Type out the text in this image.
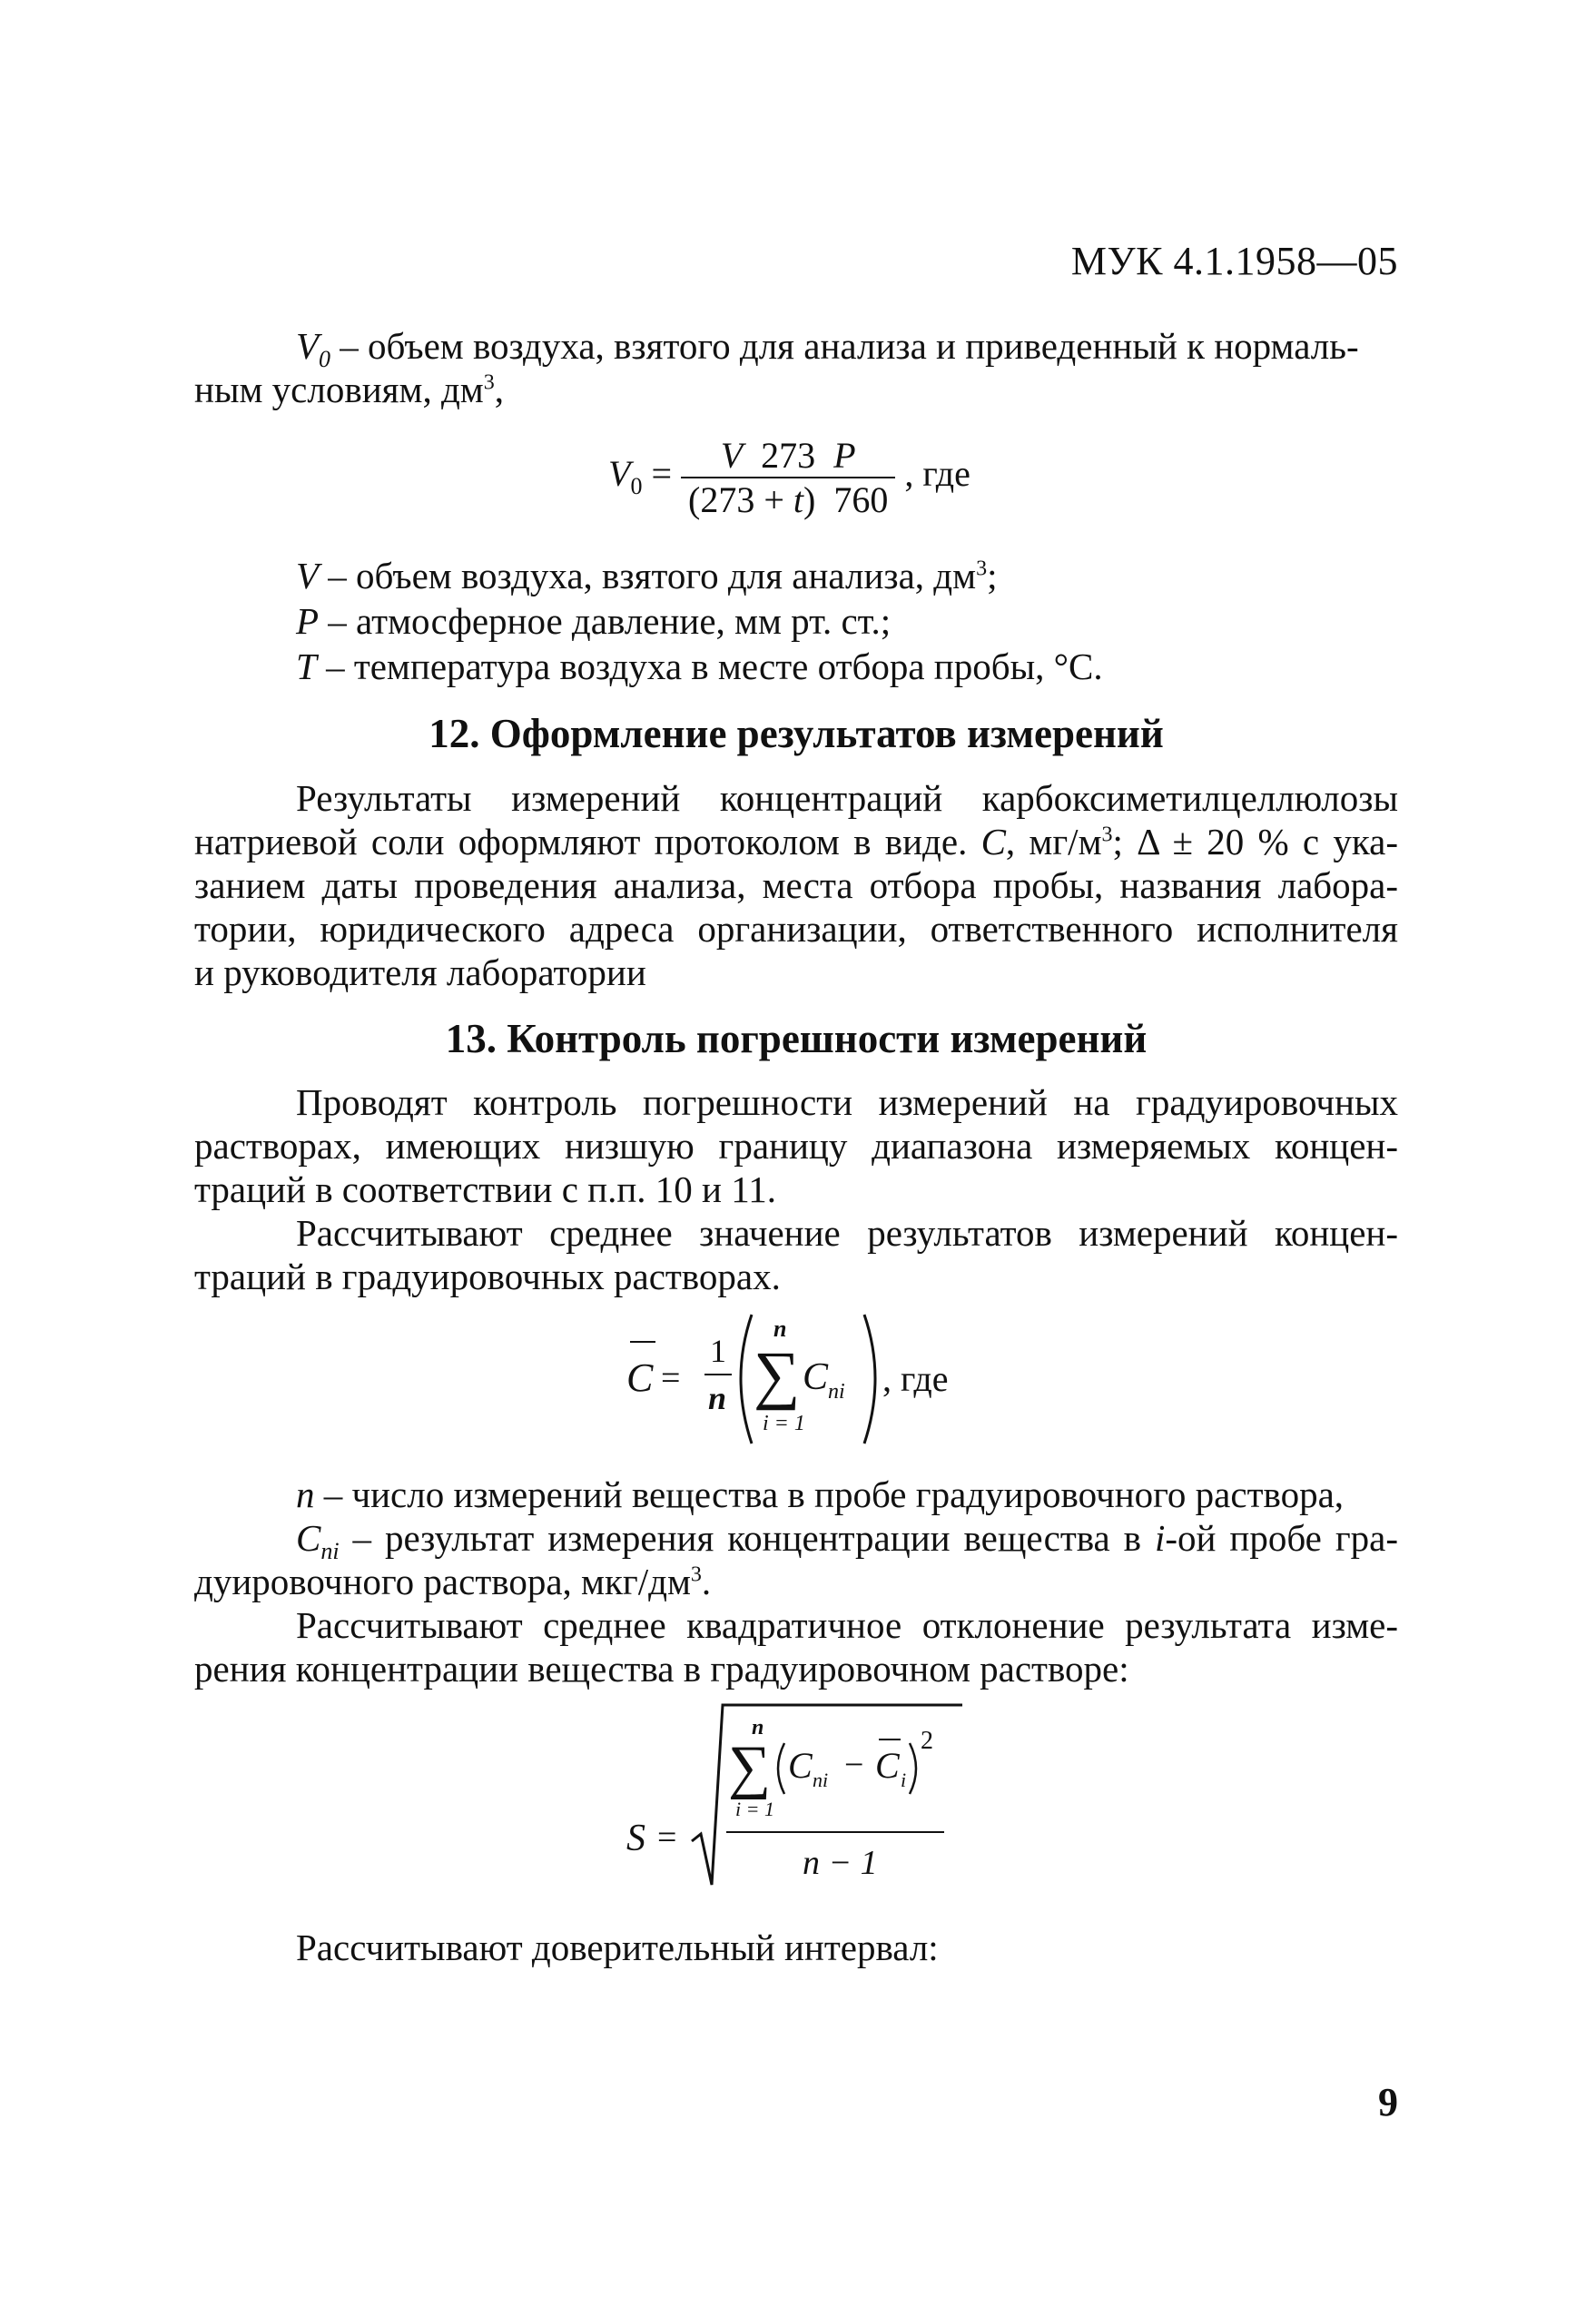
МУК 4.1.1958—05
$V_0$ – объем воздуха, взятого для анализа и приведенный к нормаль-
ным условиям, $дм^3$,
$V_0 = \frac{V 273 P}{(273 + t) 760}$ , где
V – объем воздуха, взятого для анализа, $дм^3$;
P – атмосферное давление, мм рт. ст.;
T – температура воздуха в месте отбора пробы, °С.
12. Оформление результатов измерений
Результаты измерений концентраций карбоксиметилцеллюлозы
натриевой соли оформляют протоколом в виде. С, $мг/м^3$; Δ ± 20 % с ука-
занием даты проведения анализа, места отбора пробы, названия лабора-
тории, юридического адреса организации, ответственного исполнителя
и руководителя лаборатории
13. Контроль погрешности измерений
Проводят контроль погрешности измерений на градуировочных
растворах, имеющих низшую границу диапазона измеряемых концен-
траций в соответствии с п.п. 10 и 11.
Рассчитывают среднее значение результатов измерений концен-
траций в градуировочных растворах.
C =
1
n
n
∑
i = 1
C ni , где
n – число измерений вещества в пробе градуировочного раствора,
$C_{ni}$ – результат измерения концентрации вещества в i-ой пробе гра-
дуировочного раствора, мкг/$дм^3$.
Рассчитывают среднее квадратичное отклонение результата изме-
рения концентрации вещества в градуировочном растворе:
S =
n
∑
i = 1
C ni − C i
2
n − 1
Рассчитывают доверительный интервал:
9
